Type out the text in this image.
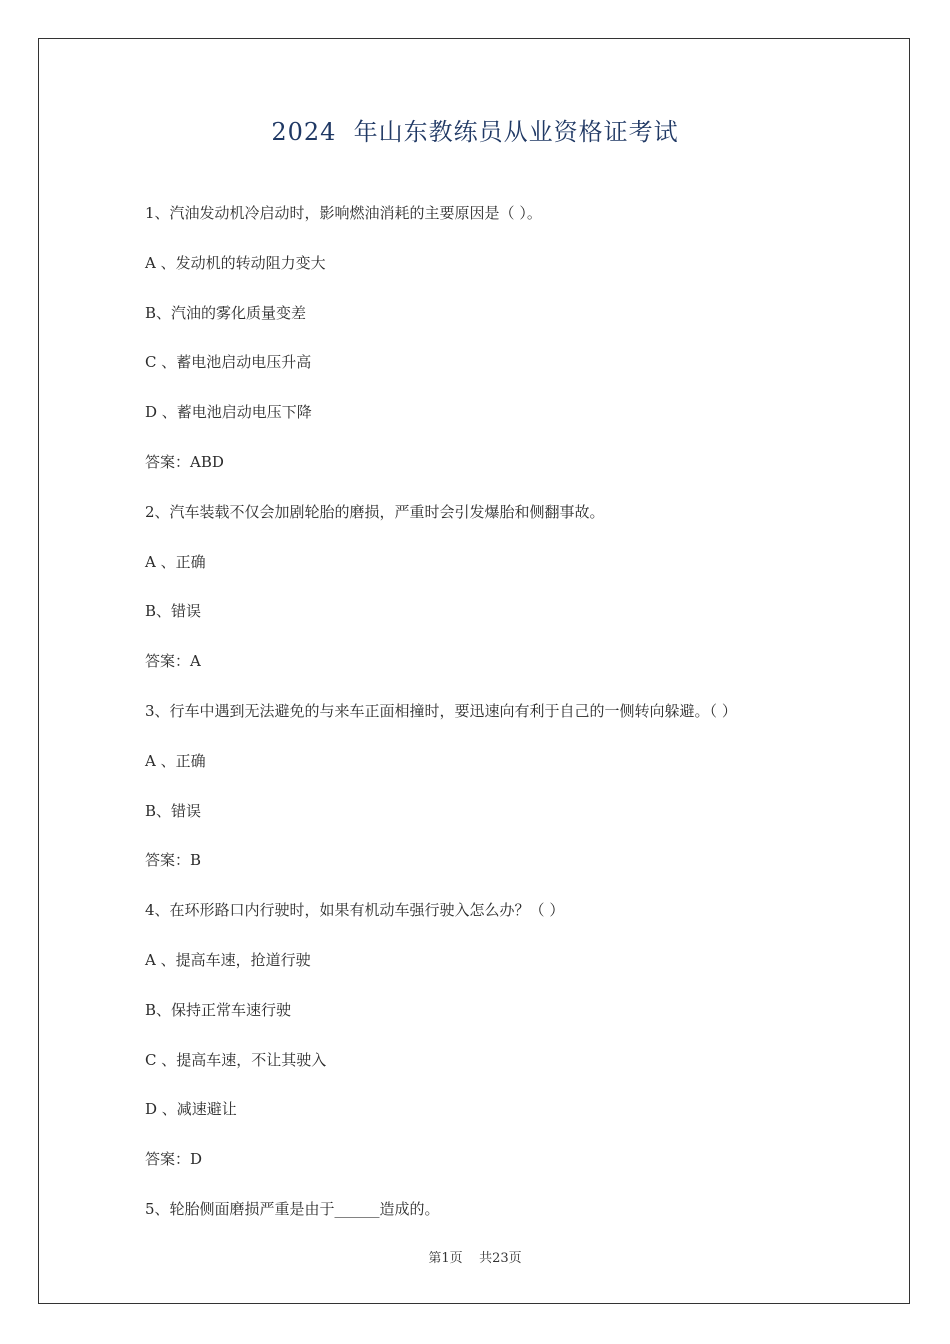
2024  年山东教练员从业资格证考试
1、汽油发动机冷启动时，影响燃油消耗的主要原因是（ ）。
A 、发动机的转动阻力变大
B、汽油的雾化质量变差
C 、蓄电池启动电压升高
D 、蓄电池启动电压下降
答案：ABD
2、汽车装载不仅会加剧轮胎的磨损，严重时会引发爆胎和侧翻事故。
A 、正确
B、错误
答案：A
3、行车中遇到无法避免的与来车正面相撞时，要迅速向有利于自己的一侧转向躲避。（ ）
A 、正确
B、错误
答案：B
4、在环形路口内行驶时，如果有机动车强行驶入怎么办？（ ）
A 、提高车速，抢道行驶
B、保持正常车速行驶
C 、提高车速，不让其驶入
D 、减速避让
答案：D
5、轮胎侧面磨损严重是由于______造成的。
第1页    共23页
